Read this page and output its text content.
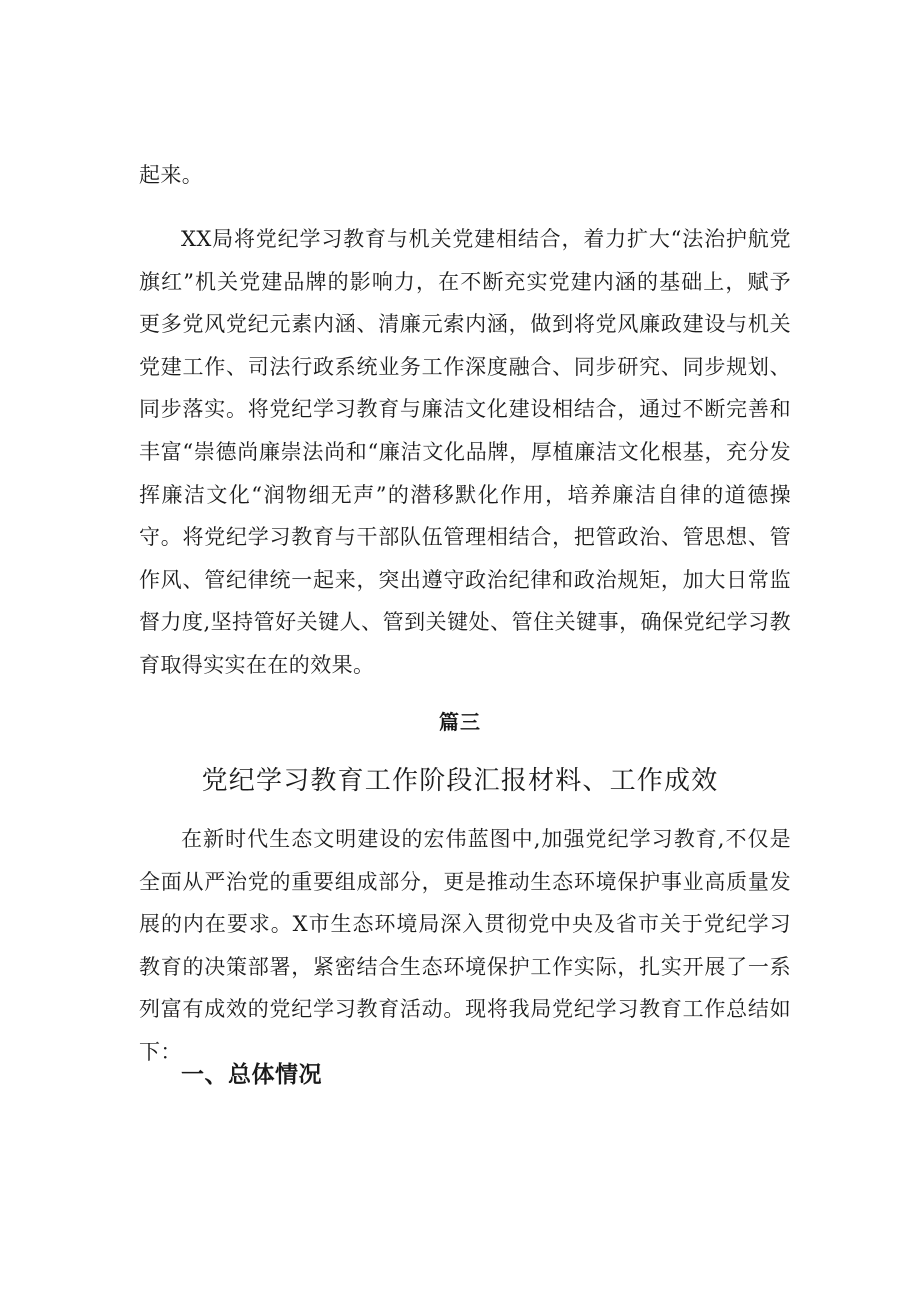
起来。

XX局将党纪学习教育与机关党建相结合，着力扩大“法治护航党旗红”机关党建品牌的影响力，在不断充实党建内涵的基础上，赋予更多党风党纪元素内涵、清廉元索内涵，做到将党风廉政建设与机关党建工作、司法行政系统业务工作深度融合、同步研究、同步规划、同步落实。将党纪学习教育与廉洁文化建设相结合，通过不断完善和丰富“崇德尚廉崇法尚和“廉洁文化品牌，厚植廉洁文化根基，充分发挥廉洁文化“润物细无声”的潜移默化作用，培养廉洁自律的道德操守。将党纪学习教育与干部队伍管理相结合，把管政治、管思想、管作风、管纪律统一起来，突出遵守政治纪律和政治规矩，加大日常监督力度,坚持管好关键人、管到关键处、管住关键事，确保党纪学习教育取得实实在在的效果。

篇三
党纪学习教育工作阶段汇报材料、工作成效

在新时代生态文明建设的宏伟蓝图中,加强党纪学习教育,不仅是全面从严治党的重要组成部分，更是推动生态环境保护事业高质量发展的内在要求。X市生态环境局深入贯彻党中央及省市关于党纪学习教育的决策部署，紧密结合生态环境保护工作实际，扎实开展了一系列富有成效的党纪学习教育活动。现将我局党纪学习教育工作总结如下：

一、总体情况
